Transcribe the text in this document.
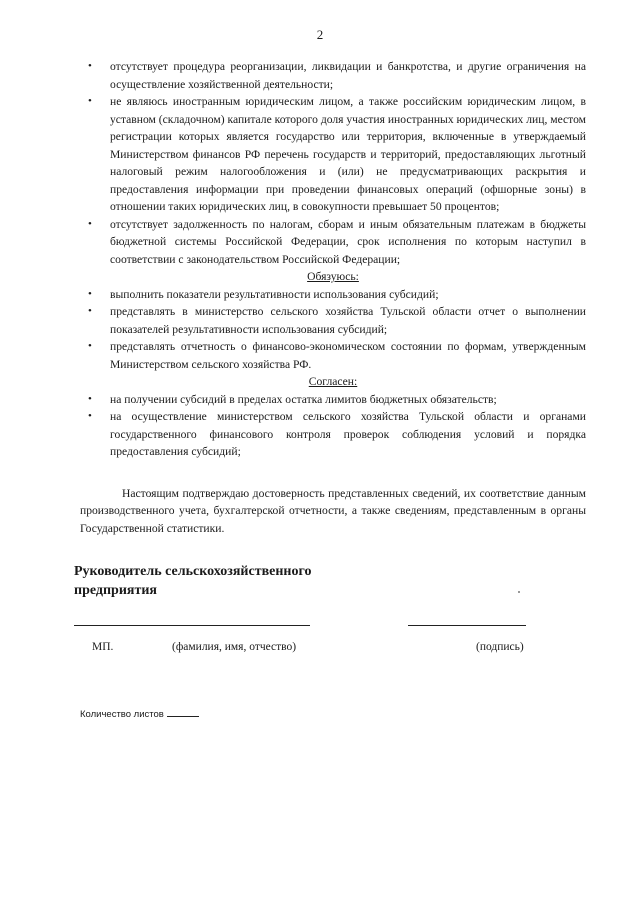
2
• отсутствует процедура реорганизации, ликвидации и банкротства, и другие ограничения на осуществление хозяйственной деятельности;
• не являюсь иностранным юридическим лицом, а также российским юридическим лицом, в уставном (складочном) капитале которого доля участия иностранных юридических лиц, местом регистрации которых является государство или территория, включенные в утверждаемый Министерством финансов РФ перечень государств и территорий, предоставляющих льготный налоговый режим налогообложения и (или) не предусматривающих раскрытия и предоставления информации при проведении финансовых операций (офшорные зоны) в отношении таких юридических лиц, в совокупности превышает 50 процентов;
• отсутствует задолженность по налогам, сборам и иным обязательным платежам в бюджеты бюджетной системы Российской Федерации, срок исполнения по которым наступил в соответствии с законодательством Российской Федерации;
Обязуюсь:
• выполнить показатели результативности использования субсидий;
• представлять в министерство сельского хозяйства Тульской области отчет о выполнении показателей результативности использования субсидий;
• представлять отчетность о финансово-экономическом состоянии по формам, утвержденным Министерством сельского хозяйства РФ.
Согласен:
• на получении субсидий в пределах остатка лимитов бюджетных обязательств;
• на осуществление министерством сельского хозяйства Тульской области и органами государственного финансового контроля проверок соблюдения условий и порядка предоставления субсидий;
Настоящим подтверждаю достоверность представленных сведений, их соответствие данным производственного учета, бухгалтерской отчетности, а также сведениям, представленным в органы Государственной статистики.
Руководитель сельскохозяйственного
предприятия
МП.	(фамилия, имя, отчество)	(подпись)
Количество листов
